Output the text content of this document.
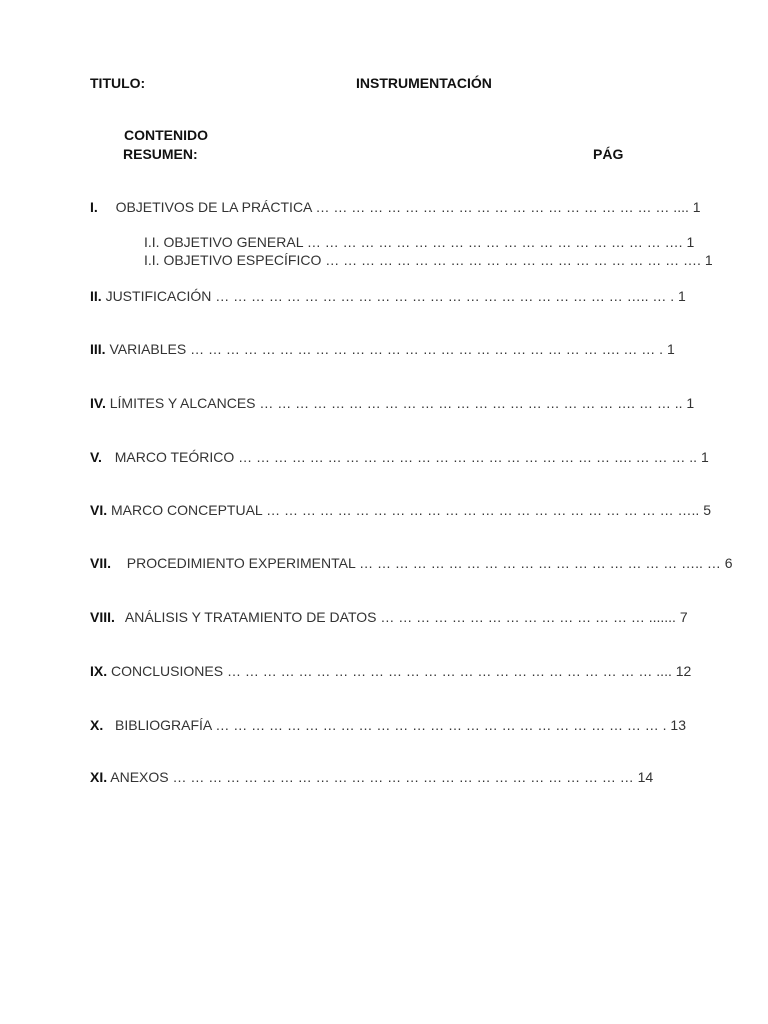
TITULO:	INSTRUMENTACIÓN
CONTENIDO
RESUMEN:	PÁG
I. OBJETIVOS DE LA PRÁCTICA … … … … … … … … … … … … … … … … … … … … .... 1
I.I. OBJETIVO GENERAL … … … … … … … … … … … … … … … … … … … … …. 1
I.I. OBJETIVO ESPECÍFICO … … … … … … … … … … … … … … … … … … … … …. 1
II. JUSTIFICACIÓN … … … … … … … … … … … … … … … … … … … … … … … ….. … . 1
III. VARIABLES … … … … … … … … … … … … … … … … … … … … … … … …. … … . 1
IV. LÍMITES Y ALCANCES … … … … … … … … … … … … … … … … … … … … …. … … .. 1
V. MARCO TEÓRICO … … … … … … … … … … … … … … … … … … … … … …. … … … .. 1
VI. MARCO CONCEPTUAL … … … … … … … … … … … … … … … … … … … … … … … ….. 5
VII. PROCEDIMIENTO EXPERIMENTAL … … … … … … … … … … … … … … … … … … ….. … 6
VIII. ANÁLISIS Y TRATAMIENTO DE DATOS … … … … … … … … … … … … … … … ....... 7
IX. CONCLUSIONES … … … … … … … … … … … … … … … … … … … … … … … … .... 12
X. BIBLIOGRAFÍA … … … … … … … … … … … … … … … … … … … … … … … … … . 13
XI. ANEXOS … … … … … … … … … … … … … … … … … … … … … … … … … … 14
